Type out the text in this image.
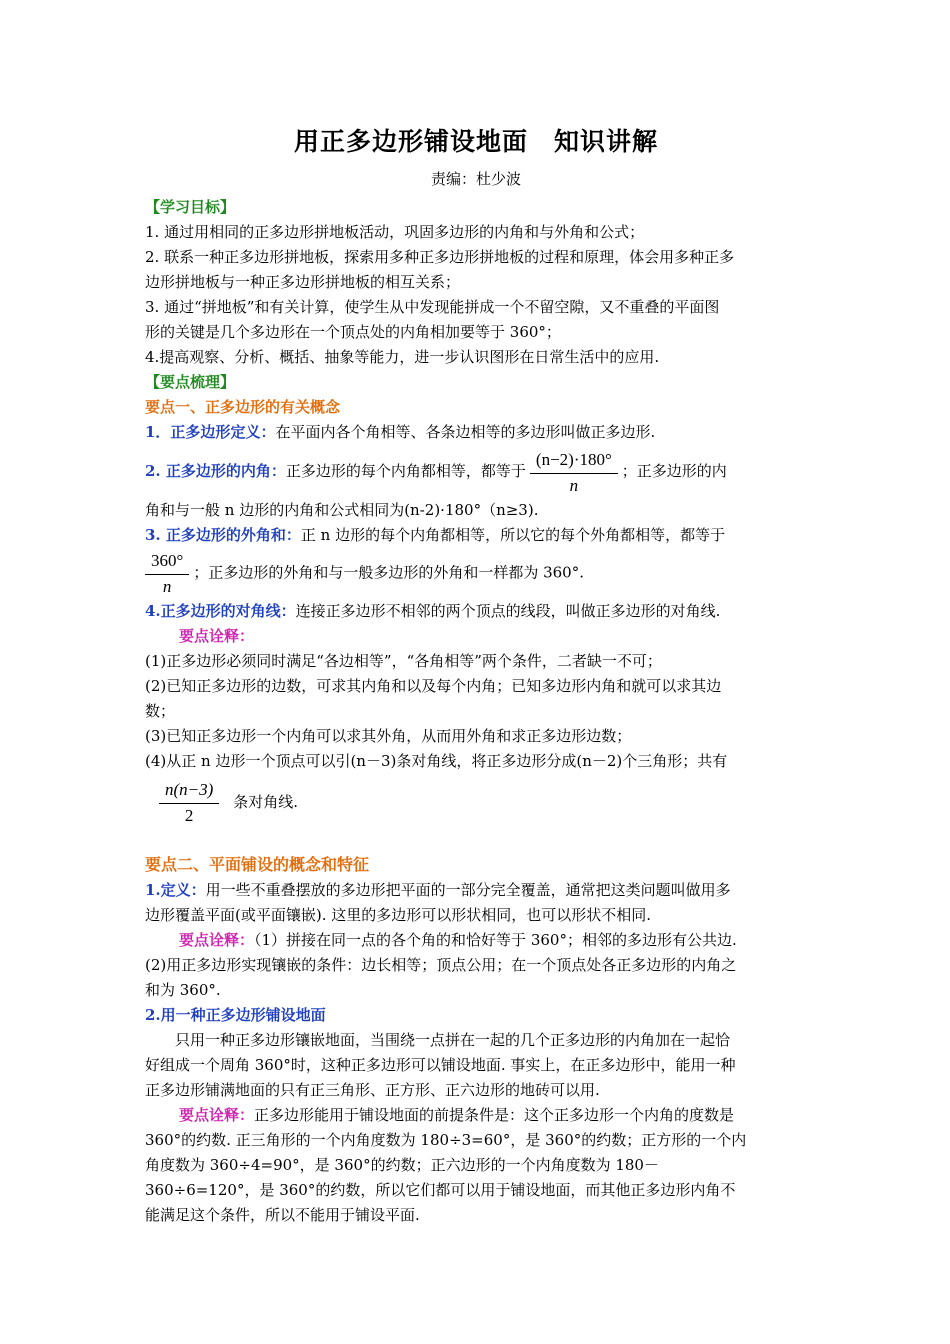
用正多边形铺设地面　知识讲解
责编：杜少波

【学习目标】

1. 通过用相同的正多边形拼地板活动，巩固多边形的内角和与外角和公式；

2. 联系一种正多边形拼地板，探索用多种正多边形拼地板的过程和原理，体会用多种正多

边形拼地板与一种正多边形拼地板的相互关系；

3. 通过“拼地板”和有关计算，使学生从中发现能拼成一个不留空隙，又不重叠的平面图

形的关键是几个多边形在一个顶点处的内角相加要等于 360°；

4.提高观察、分析、概括、抽象等能力，进一步认识图形在日常生活中的应用.

【要点梳理】

要点一、正多边形的有关概念

1．正多边形定义：在平面内各个角相等、各条边相等的多边形叫做正多边形.

2. 正多边形的内角：正多边形的每个内角都相等，都等于 $\frac{(n-2)\cdot 180^\circ}{n}$ ；正多边形的内

角和与一般 n 边形的内角和公式相同为(n-2)·180°（n≥3).

3. 正多边形的外角和：正 n 边形的每个内角都相等，所以它的每个外角都相等，都等于

$\frac{360^\circ}{n}$ ；正多边形的外角和与一般多边形的外角和一样都为 360°.

4.正多边形的对角线：连接正多边形不相邻的两个顶点的线段，叫做正多边形的对角线.

要点诠释：

(1)正多边形必须同时满足“各边相等”，“各角相等”两个条件，二者缺一不可；

(2)已知正多边形的边数，可求其内角和以及每个内角；已知多边形内角和就可以求其边

数；

(3)已知正多边形一个内角可以求其外角，从而用外角和求正多边形边数；

(4)从正 n 边形一个顶点可以引(n－3)条对角线，将正多边形分成(n－2)个三角形；共有

$\frac{n(n-3)}{2}$ 条对角线.

要点二、平面铺设的概念和特征

1.定义：用一些不重叠摆放的多边形把平面的一部分完全覆盖，通常把这类问题叫做用多

边形覆盖平面(或平面镶嵌). 这里的多边形可以形状相同，也可以形状不相同.

要点诠释：（1）拼接在同一点的各个角的和恰好等于 360°；相邻的多边形有公共边.

(2)用正多边形实现镶嵌的条件：边长相等；顶点公用；在一个顶点处各正多边形的内角之

和为 360°.

2.用一种正多边形铺设地面

只用一种正多边形镶嵌地面，当围绕一点拼在一起的几个正多边形的内角加在一起恰

好组成一个周角 360°时，这种正多边形可以铺设地面. 事实上，在正多边形中，能用一种

正多边形铺满地面的只有正三角形、正方形、正六边形的地砖可以用.

要点诠释：正多边形能用于铺设地面的前提条件是：这个正多边形一个内角的度数是

360°的约数. 正三角形的一个内角度数为 180÷3=60°，是 360°的约数；正方形的一个内

角度数为 360÷4=90°，是 360°的约数；正六边形的一个内角度数为 180－

360÷6=120°，是 360°的约数，所以它们都可以用于铺设地面，而其他正多边形内角不

能满足这个条件，所以不能用于铺设平面.
